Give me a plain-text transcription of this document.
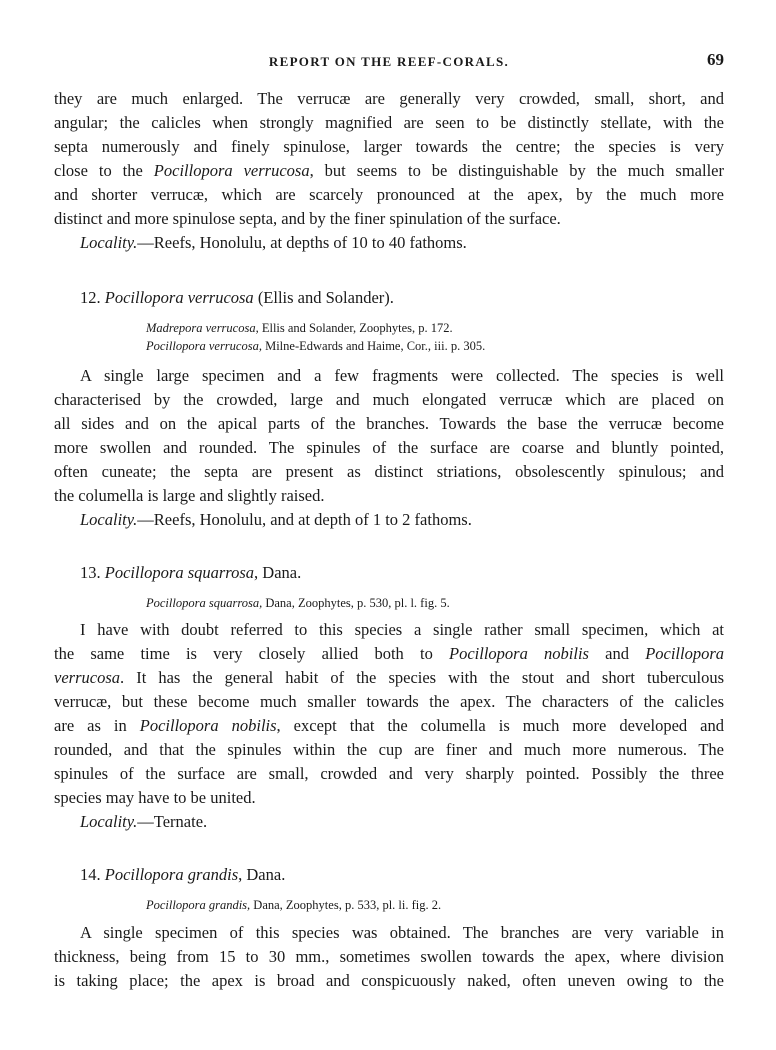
REPORT ON THE REEF-CORALS.	69

they are much enlarged. The verrucæ are generally very crowded, small, short, and

angular; the calicles when strongly magnified are seen to be distinctly stellate, with the

septa numerously and finely spinulose, larger towards the centre; the species is very

close to the Pocillopora verrucosa, but seems to be distinguishable by the much smaller

and shorter verrucæ, which are scarcely pronounced at the apex, by the much more

distinct and more spinulose septa, and by the finer spinulation of the surface.

Locality.—Reefs, Honolulu, at depths of 10 to 40 fathoms.

12. Pocillopora verrucosa (Ellis and Solander).

Madrepora verrucosa, Ellis and Solander, Zoophytes, p. 172.

Pocillopora verrucosa, Milne-Edwards and Haime, Cor., iii. p. 305.

A single large specimen and a few fragments were collected. The species is well

characterised by the crowded, large and much elongated verrucæ which are placed on

all sides and on the apical parts of the branches. Towards the base the verrucæ become

more swollen and rounded. The spinules of the surface are coarse and bluntly pointed,

often cuneate; the septa are present as distinct striations, obsolescently spinulous; and

the columella is large and slightly raised.

Locality.—Reefs, Honolulu, and at depth of 1 to 2 fathoms.

13. Pocillopora squarrosa, Dana.

Pocillopora squarrosa, Dana, Zoophytes, p. 530, pl. l. fig. 5.

I have with doubt referred to this species a single rather small specimen, which at

the same time is very closely allied both to Pocillopora nobilis and Pocillopora

verrucosa. It has the general habit of the species with the stout and short tuberculous

verrucæ, but these become much smaller towards the apex. The characters of the calicles

are as in Pocillopora nobilis, except that the columella is much more developed and

rounded, and that the spinules within the cup are finer and much more numerous. The

spinules of the surface are small, crowded and very sharply pointed. Possibly the three

species may have to be united.

Locality.—Ternate.

14. Pocillopora grandis, Dana.

Pocillopora grandis, Dana, Zoophytes, p. 533, pl. li. fig. 2.

A single specimen of this species was obtained. The branches are very variable in

thickness, being from 15 to 30 mm., sometimes swollen towards the apex, where division

is taking place; the apex is broad and conspicuously naked, often uneven owing to the
